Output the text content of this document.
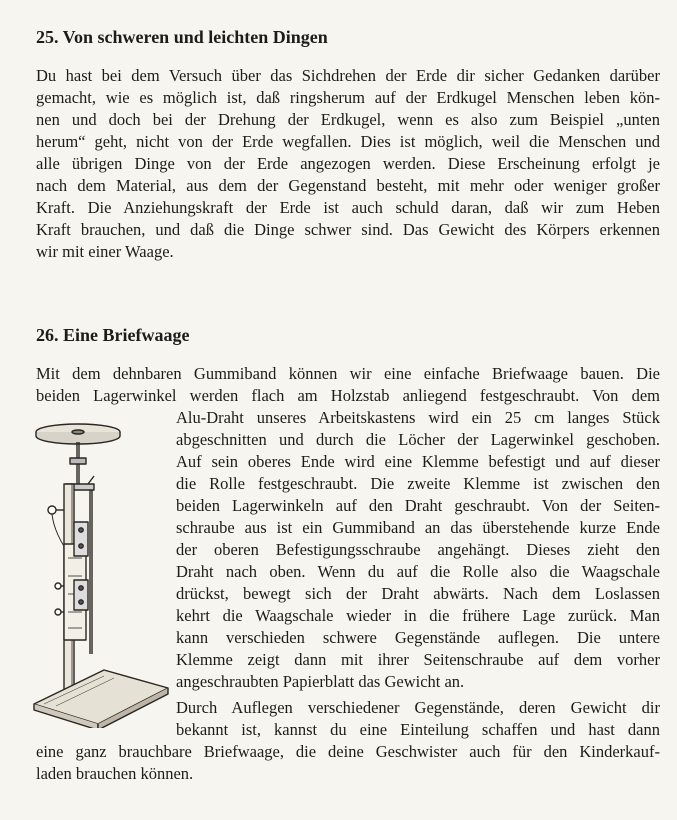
25. Von schweren und leichten Dingen
Du hast bei dem Versuch über das Sichdrehen der Erde dir sicher Gedanken darüber
gemacht, wie es möglich ist, daß ringsherum auf der Erdkugel Menschen leben kön-
nen und doch bei der Drehung der Erdkugel, wenn es also zum Beispiel „unten
herum“ geht, nicht von der Erde wegfallen. Dies ist möglich, weil die Menschen und
alle übrigen Dinge von der Erde angezogen werden. Diese Erscheinung erfolgt je
nach dem Material, aus dem der Gegenstand besteht, mit mehr oder weniger großer
Kraft. Die Anziehungskraft der Erde ist auch schuld daran, daß wir zum Heben
Kraft brauchen, und daß die Dinge schwer sind. Das Gewicht des Körpers erkennen
wir mit einer Waage.
26. Eine Briefwaage
Mit dem dehnbaren Gummiband können wir eine einfache Briefwaage bauen. Die
beiden Lagerwinkel werden flach am Holzstab anliegend festgeschraubt. Von dem
Alu-Draht unseres Arbeitskastens wird ein 25 cm langes Stück
abgeschnitten und durch die Löcher der Lagerwinkel geschoben.
Auf sein oberes Ende wird eine Klemme befestigt und auf dieser
die Rolle festgeschraubt. Die zweite Klemme ist zwischen den
beiden Lagerwinkeln auf den Draht geschraubt. Von der Seiten-
schraube aus ist ein Gummiband an das überstehende kurze Ende
der oberen Befestigungsschraube angehängt. Dieses zieht den
Draht nach oben. Wenn du auf die Rolle also die Waagschale
drückst, bewegt sich der Draht abwärts. Nach dem Loslassen
kehrt die Waagschale wieder in die frühere Lage zurück. Man
kann verschieden schwere Gegenstände auflegen. Die untere
Klemme zeigt dann mit ihrer Seitenschraube auf dem vorher
angeschraubten Papierblatt das Gewicht an.
Durch Auflegen verschiedener Gegenstände, deren Gewicht dir
bekannt ist, kannst du eine Einteilung schaffen und hast dann
eine ganz brauchbare Briefwaage, die deine Geschwister auch für den Kinderkauf-
laden brauchen können.
